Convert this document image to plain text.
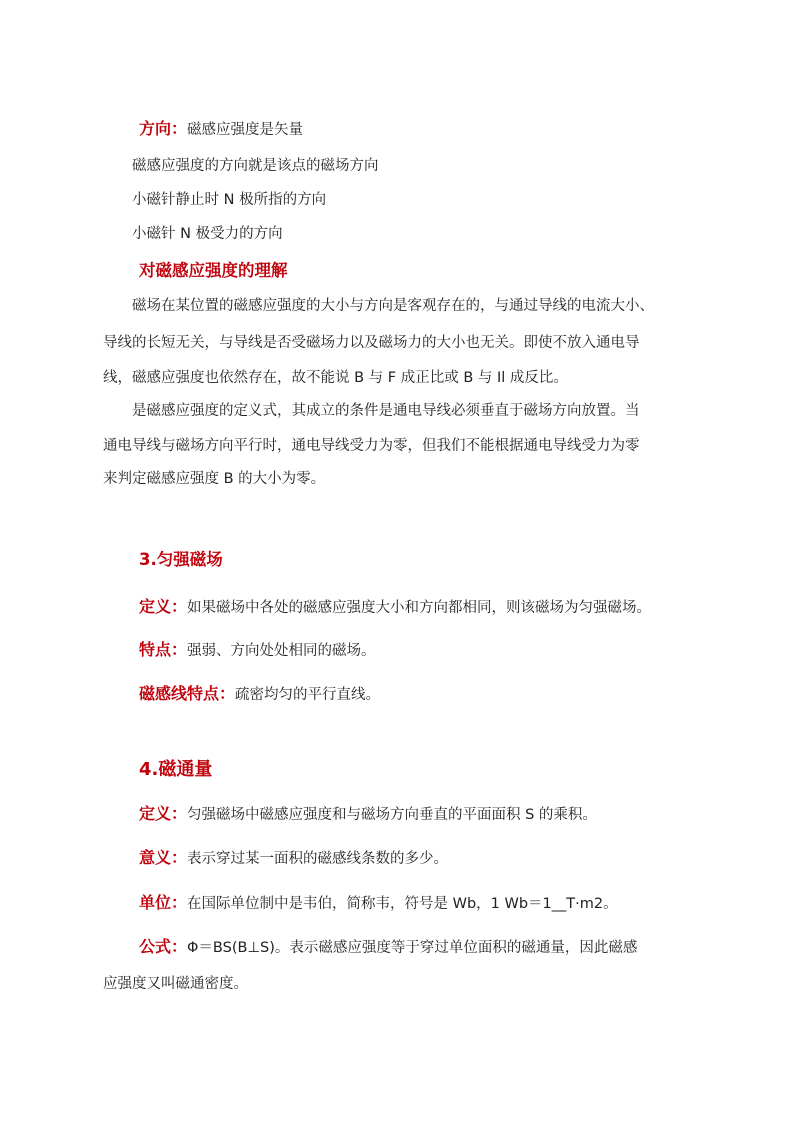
方向：磁感应强度是矢量
磁感应强度的方向就是该点的磁场方向
小磁针静止时 N 极所指的方向
小磁针 N 极受力的方向
对磁感应强度的理解
磁场在某位置的磁感应强度的大小与方向是客观存在的，与通过导线的电流大小、
导线的长短无关，与导线是否受磁场力以及磁场力的大小也无关。即使不放入通电导
线，磁感应强度也依然存在，故不能说 B 与 F 成正比或 B 与 Il 成反比。
是磁感应强度的定义式，其成立的条件是通电导线必须垂直于磁场方向放置。当
通电导线与磁场方向平行时，通电导线受力为零，但我们不能根据通电导线受力为零
来判定磁感应强度 B 的大小为零。
3.匀强磁场
定义：如果磁场中各处的磁感应强度大小和方向都相同，则该磁场为匀强磁场。
特点：强弱、方向处处相同的磁场。
磁感线特点：疏密均匀的平行直线。
4.磁通量
定义：匀强磁场中磁感应强度和与磁场方向垂直的平面面积 S 的乘积。
意义：表示穿过某一面积的磁感线条数的多少。
单位：在国际单位制中是韦伯，简称韦，符号是 Wb，1 Wb＝1__T·m2。
公式：Φ＝BS(B⊥S)。表示磁感应强度等于穿过单位面积的磁通量，因此磁感
应强度又叫磁通密度。
